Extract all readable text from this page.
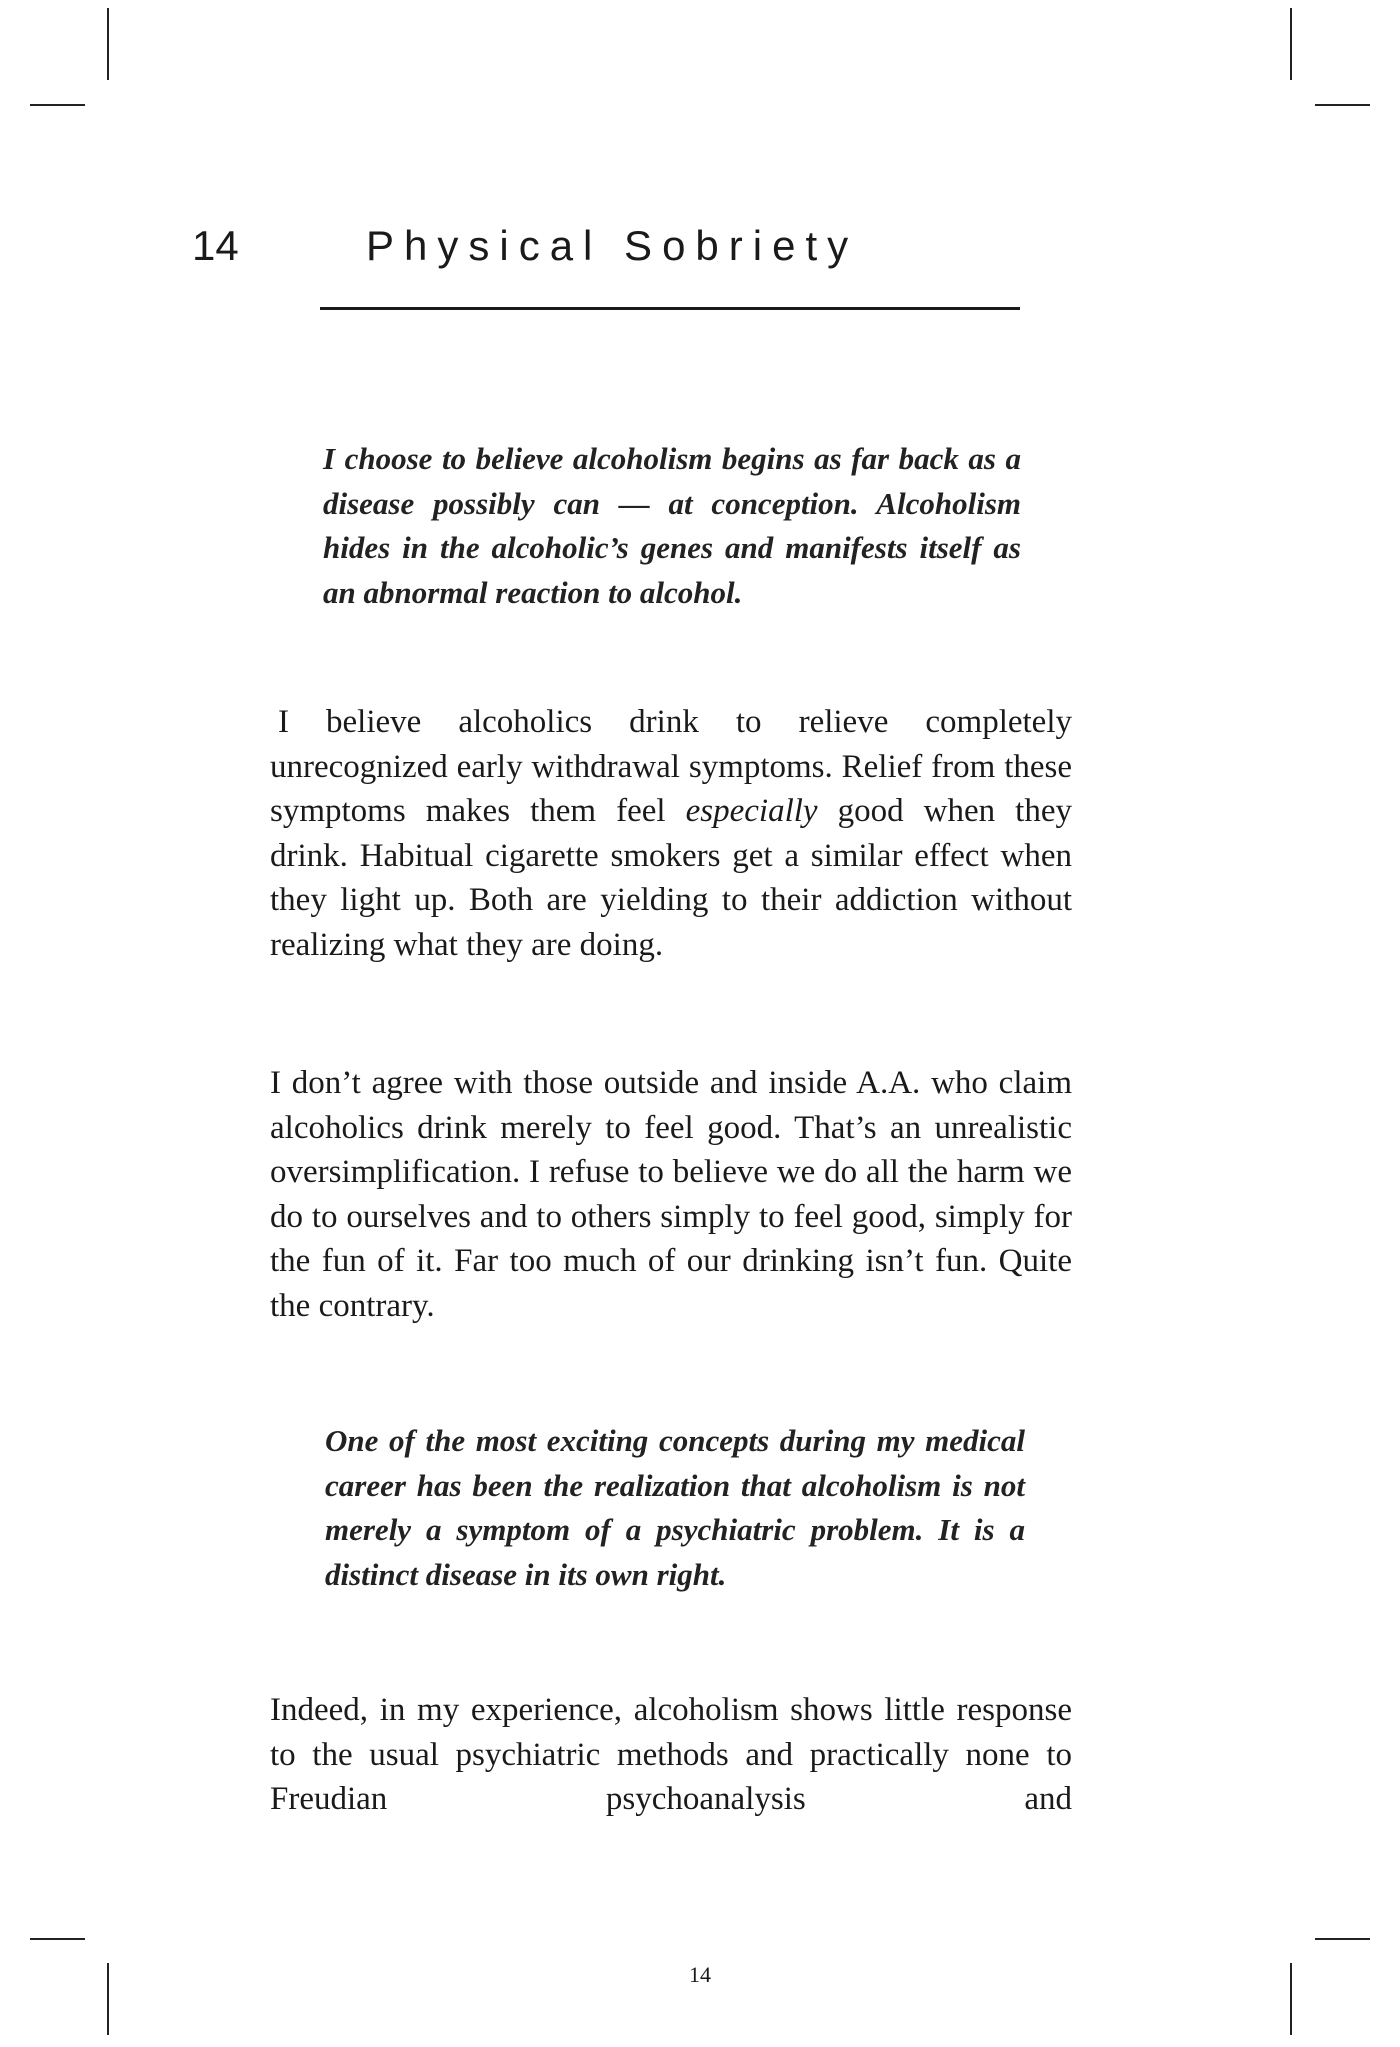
14	Physical Sobriety

I choose to believe alcoholism begins as far back as a disease possibly can — at conception. Alcoholism hides in the alcoholic’s genes and manifests itself as an abnormal reaction to alcohol.

I believe alcoholics drink to relieve completely unrecognized early withdrawal symptoms. Relief from these symptoms makes them feel especially good when they drink. Habitual cigarette smokers get a similar effect when they light up. Both are yielding to their addiction without realizing what they are doing.

I don’t agree with those outside and inside A.A. who claim alcoholics drink merely to feel good. That’s an unrealistic oversimplification. I refuse to believe we do all the harm we do to ourselves and to others simply to feel good, simply for the fun of it. Far too much of our drinking isn’t fun. Quite the contrary.

One of the most exciting concepts during my medical career has been the realization that alcoholism is not merely a symptom of a psychiatric problem. It is a distinct disease in its own right.

Indeed, in my experience, alcoholism shows little response to the usual psychiatric methods and practically none to Freudian psychoanalysis and

14
